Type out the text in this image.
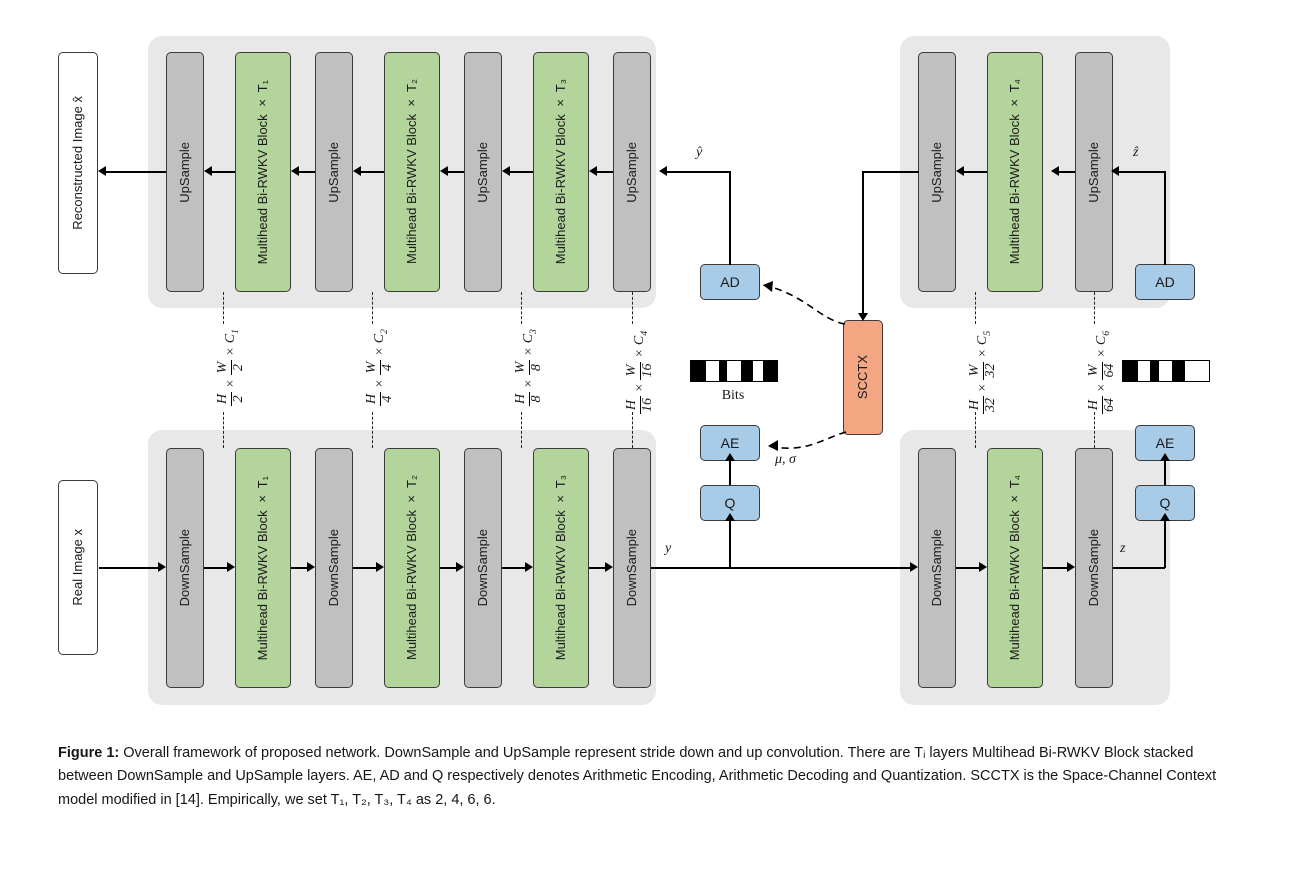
Reconstructed Image x̂	UpSample	Multihead Bi-RWKV Block × T₁	UpSample	Multihead Bi-RWKV Block × T₂	UpSample	Multihead Bi-RWKV Block × T₃	UpSample	UpSample	Multihead Bi-RWKV Block × T₄	UpSample
Real Image x	DownSample	Multihead Bi-RWKV Block × T₁	DownSample	Multihead Bi-RWKV Block × T₂	DownSample	Multihead Bi-RWKV Block × T₃	DownSample	DownSample	Multihead Bi-RWKV Block × T₄	DownSample
AD	AD
AE	AE
Q	Q
SCCTX
Bits
ŷ	ẑ
μ, σ
y	z
H 2
×
W 2
× $C_1$
H 4
×
W 4
× $C_2$
H 8
×
W 8
× $C_3$
H 16
×
W 16
× $C_4$
H 32
×
W 32
× $C_5$
H 64
×
W 64
× $C_6$
Figure 1: Overall framework of proposed network. DownSample and UpSample represent stride down and up convolution. There are Tᵢ layers Multihead Bi-RWKV Block stacked between DownSample and UpSample layers. AE, AD and Q respectively denotes Arithmetic Encoding, Arithmetic Decoding and Quantization. SCCTX is the Space-Channel Context model modified in [14]. Empirically, we set T₁, T₂, T₃, T₄ as 2, 4, 6, 6.
